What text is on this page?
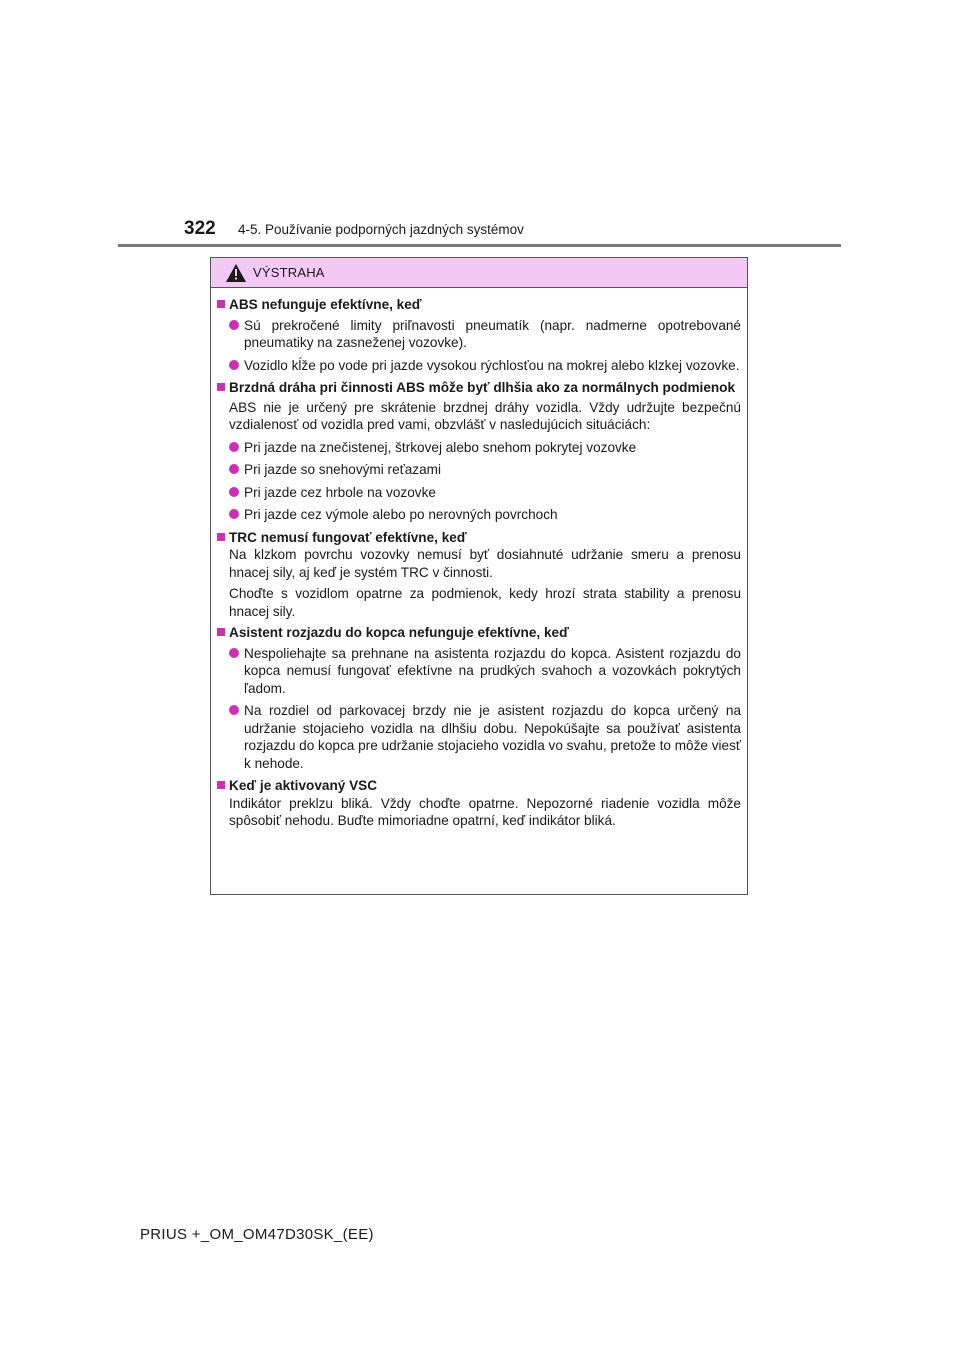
322 4-5. Používanie podporných jazdných systémov
VÝSTRAHA
ABS nefunguje efektívne, keď
Sú prekročené limity priľnavosti pneumatík (napr. nadmerne opotrebované pneumatiky na zasneženej vozovke).
Vozidlo kĺže po vode pri jazde vysokou rýchlosťou na mokrej alebo klzkej vozovke.
Brzdná dráha pri činnosti ABS môže byť dlhšia ako za normálnych podmienok
ABS nie je určený pre skrátenie brzdnej dráhy vozidla. Vždy udržujte bezpečnú vzdialenosť od vozidla pred vami, obzvlášť v nasledujúcich situáciách:
Pri jazde na znečistenej, štrkovej alebo snehom pokrytej vozovke
Pri jazde so snehovými reťazami
Pri jazde cez hrbole na vozovke
Pri jazde cez výmole alebo po nerovných povrchoch
TRC nemusí fungovať efektívne, keď
Na klzkom povrchu vozovky nemusí byť dosiahnuté udržanie smeru a prenosu hnacej sily, aj keď je systém TRC v činnosti.
Choďte s vozidlom opatrne za podmienok, kedy hrozí strata stability a prenosu hnacej sily.
Asistent rozjazdu do kopca nefunguje efektívne, keď
Nespoliehajte sa prehnane na asistenta rozjazdu do kopca. Asistent rozjazdu do kopca nemusí fungovať efektívne na prudkých svahoch a vozovkách pokrytých ľadom.
Na rozdiel od parkovacej brzdy nie je asistent rozjazdu do kopca určený na udržanie stojacieho vozidla na dlhšiu dobu. Nepokúšajte sa používať asistenta rozjazdu do kopca pre udržanie stojacieho vozidla vo svahu, pretože to môže viesť k nehode.
Keď je aktivovaný VSC
Indikátor preklzu bliká. Vždy choďte opatrne. Nepozorné riadenie vozidla môže spôsobiť nehodu. Buďte mimoriadne opatrní, keď indikátor bliká.
PRIUS +_OM_OM47D30SK_(EE)
